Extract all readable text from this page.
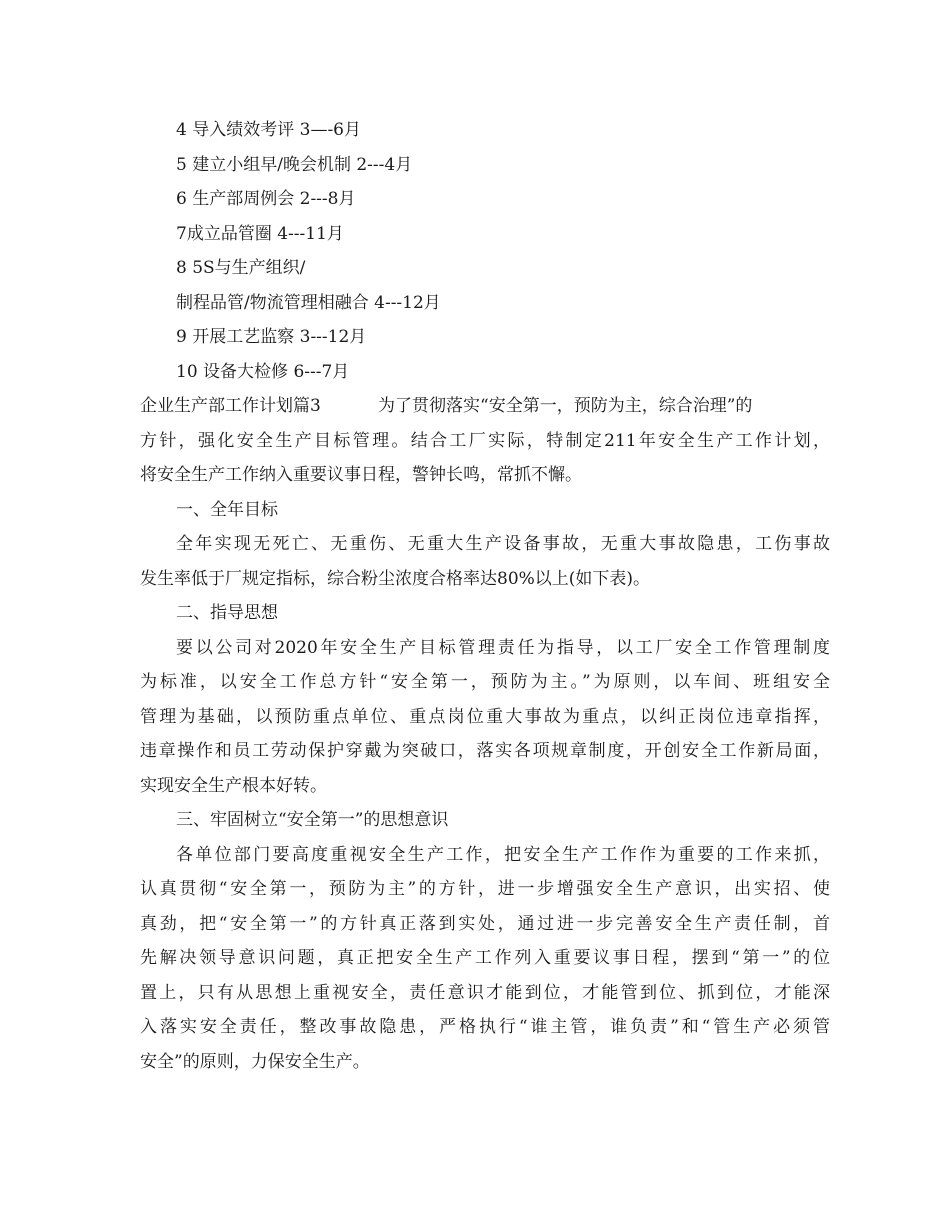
4 导入绩效考评 3—-6月
5 建立小组早/晚会机制 2---4月
6 生产部周例会 2---8月
7成立品管圈 4---11月
8 5S与生产组织/
制程品管/物流管理相融合 4---12月
9 开展工艺监察 3---12月
10 设备大检修 6---7月
企业生产部工作计划篇3	为了贯彻落实“安全第一，预防为主，综合治理”的
方针，强化安全生产目标管理。结合工厂实际，特制定211年安全生产工作计划，
将安全生产工作纳入重要议事日程，警钟长鸣，常抓不懈。
一、全年目标
全年实现无死亡、无重伤、无重大生产设备事故，无重大事故隐患，工伤事故
发生率低于厂规定指标，综合粉尘浓度合格率达80%以上(如下表)。
二、指导思想
要以公司对2020年安全生产目标管理责任为指导，以工厂安全工作管理制度
为标准，以安全工作总方针“安全第一，预防为主。”为原则，以车间、班组安全
管理为基础，以预防重点单位、重点岗位重大事故为重点，以纠正岗位违章指挥，
违章操作和员工劳动保护穿戴为突破口，落实各项规章制度，开创安全工作新局面，
实现安全生产根本好转。
三、牢固树立“安全第一”的思想意识
各单位部门要高度重视安全生产工作，把安全生产工作作为重要的工作来抓，
认真贯彻“安全第一，预防为主”的方针，进一步增强安全生产意识，出实招、使
真劲，把“安全第一”的方针真正落到实处，通过进一步完善安全生产责任制，首
先解决领导意识问题，真正把安全生产工作列入重要议事日程，摆到“第一”的位
置上，只有从思想上重视安全，责任意识才能到位，才能管到位、抓到位，才能深
入落实安全责任，整改事故隐患，严格执行“谁主管，谁负责”和“管生产必须管
安全”的原则，力保安全生产。
